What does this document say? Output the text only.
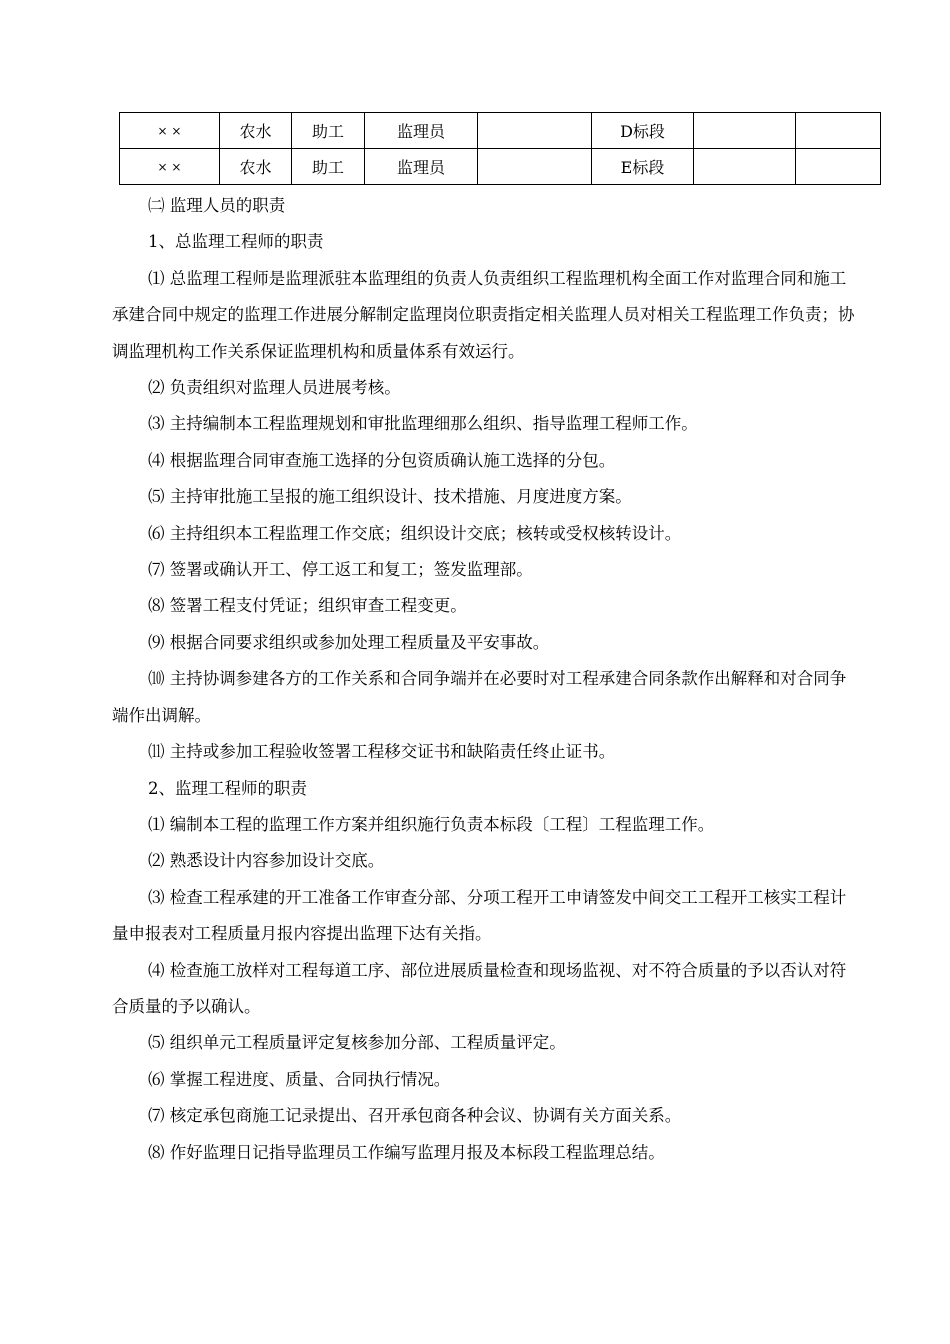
× ×	农水	助工	监理员		D标段		
× ×	农水	助工	监理员		E标段		

㈡ 监理人员的职责

1、总监理工程师的职责

⑴ 总监理工程师是监理派驻本监理组的负责人负责组织工程监理机构全面工作对监理合同和施工承建合同中规定的监理工作进展分解制定监理岗位职责指定相关监理人员对相关工程监理工作负责；协调监理机构工作关系保证监理机构和质量体系有效运行。

⑵ 负责组织对监理人员进展考核。

⑶ 主持编制本工程监理规划和审批监理细那么组织、指导监理工程师工作。

⑷ 根据监理合同审查施工选择的分包资质确认施工选择的分包。

⑸ 主持审批施工呈报的施工组织设计、技术措施、月度进度方案。

⑹ 主持组织本工程监理工作交底；组织设计交底；核转或受权核转设计。

⑺ 签署或确认开工、停工返工和复工；签发监理部。

⑻ 签署工程支付凭证；组织审查工程变更。

⑼ 根据合同要求组织或参加处理工程质量及平安事故。

⑽ 主持协调参建各方的工作关系和合同争端并在必要时对工程承建合同条款作出解释和对合同争端作出调解。

⑾ 主持或参加工程验收签署工程移交证书和缺陷责任终止证书。

2、监理工程师的职责

⑴ 编制本工程的监理工作方案并组织施行负责本标段〔工程〕工程监理工作。

⑵ 熟悉设计内容参加设计交底。

⑶ 检查工程承建的开工准备工作审查分部、分项工程开工申请签发中间交工工程开工核实工程计量申报表对工程质量月报内容提出监理下达有关指。

⑷ 检查施工放样对工程每道工序、部位进展质量检查和现场监视、对不符合质量的予以否认对符合质量的予以确认。

⑸ 组织单元工程质量评定复核参加分部、工程质量评定。

⑹ 掌握工程进度、质量、合同执行情况。

⑺ 核定承包商施工记录提出、召开承包商各种会议、协调有关方面关系。

⑻ 作好监理日记指导监理员工作编写监理月报及本标段工程监理总结。
